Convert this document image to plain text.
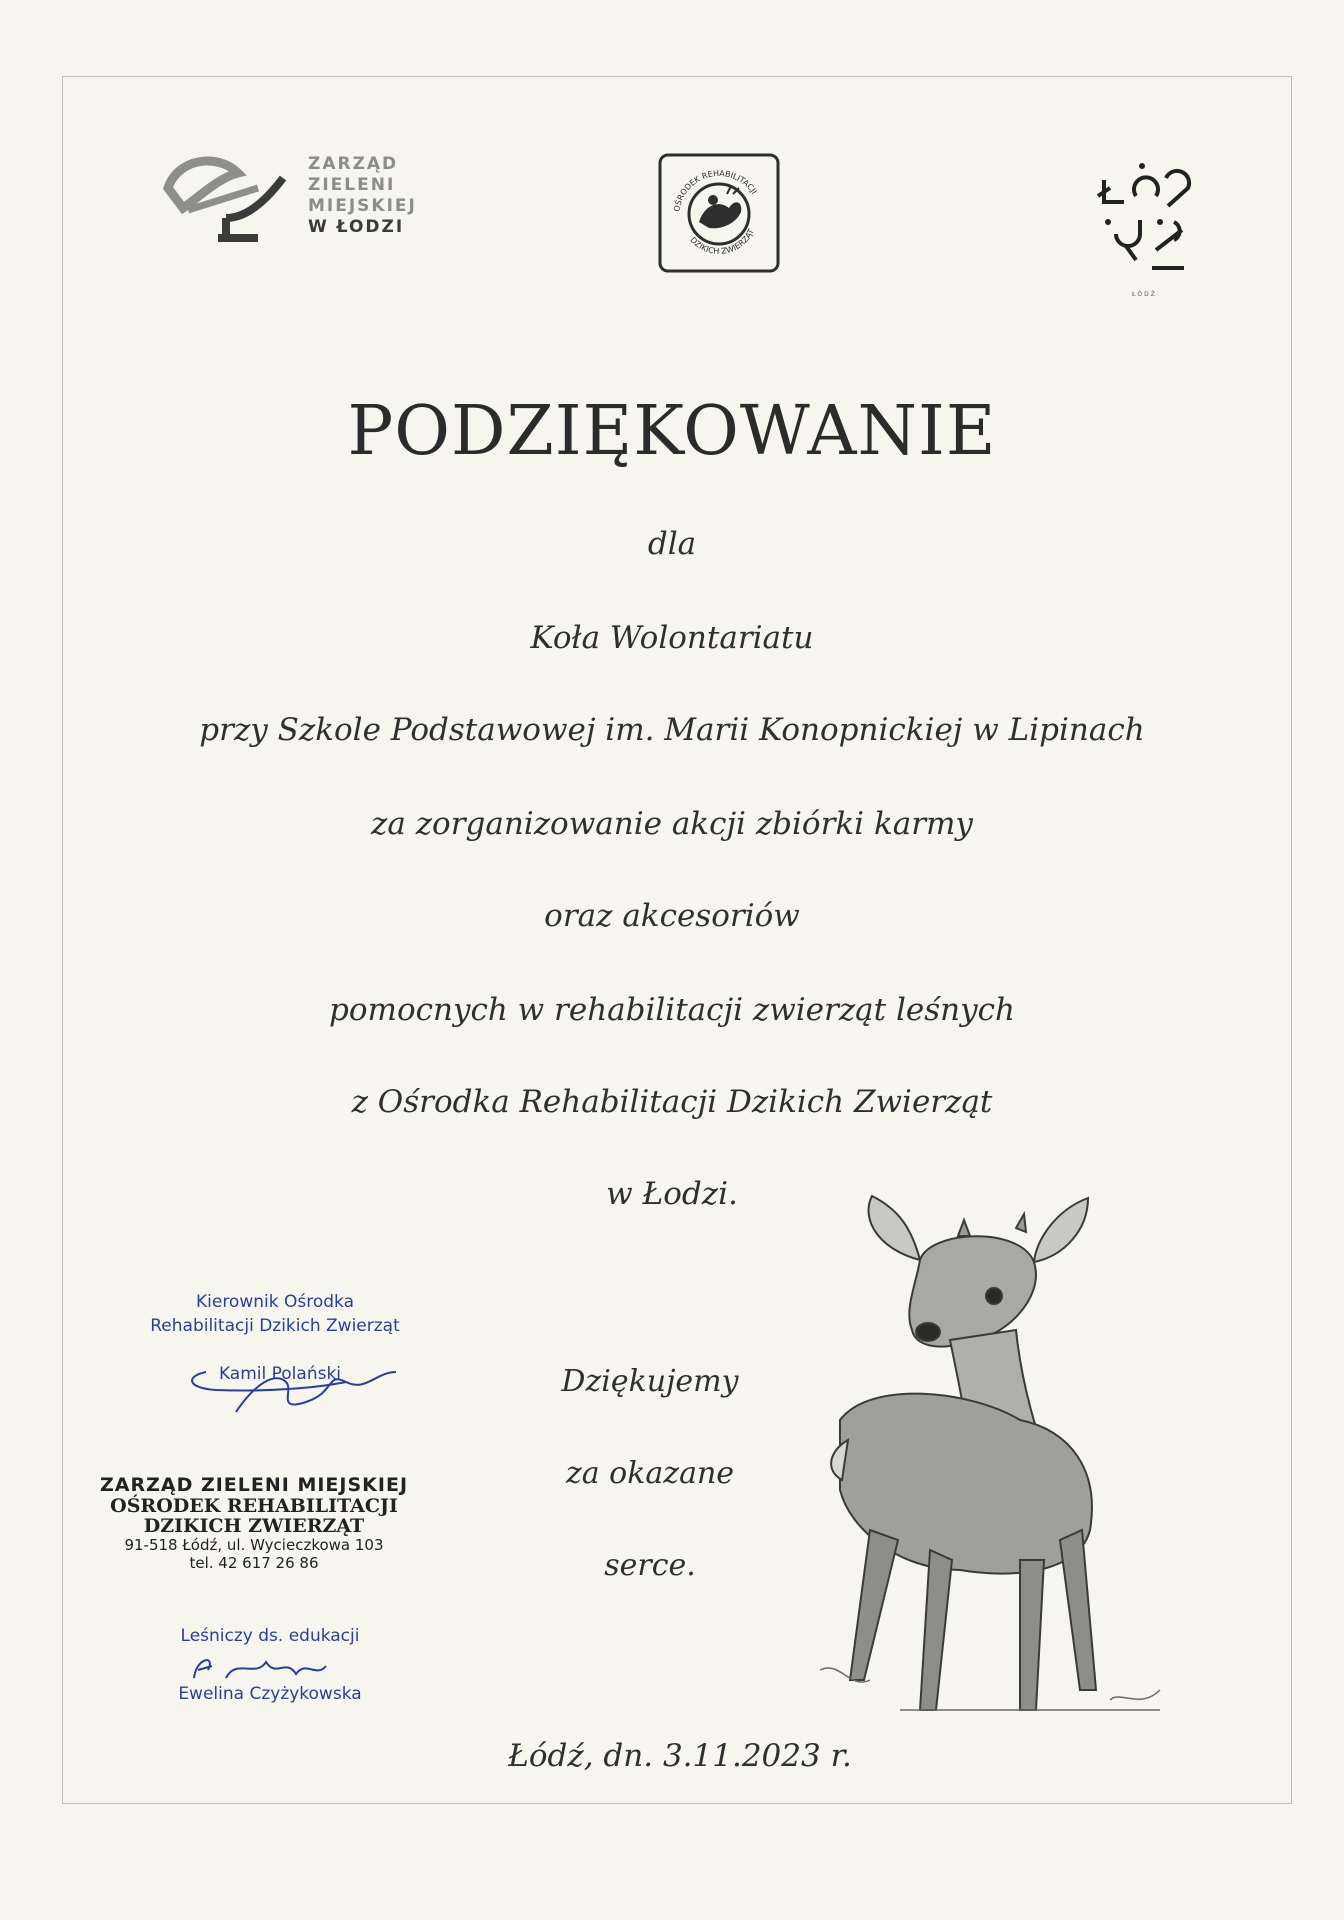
ZARZĄD
ZIELENI
MIEJSKIEJ
W ŁODZI
OŚRODEK REHABILITACJI
DZIKICH ZWIERZĄT
ŁÓDŹ
PODZIĘKOWANIE
dla
Koła Wolontariatu
przy Szkole Podstawowej im. Marii Konopnickiej w Lipinach
za zorganizowanie akcji zbiórki karmy
oraz akcesoriów
pomocnych w rehabilitacji zwierząt leśnych
z Ośrodka Rehabilitacji Dzikich Zwierząt
w Łodzi.
Dziękujemy
za okazane
serce.
Kierownik Ośrodka
Rehabilitacji Dzikich Zwierząt
Kamil Polański
ZARZĄD ZIELENI MIEJSKIEJ
OŚRODEK REHABILITACJI
DZIKICH ZWIERZĄT
91-518 Łódź, ul. Wycieczkowa 103
tel. 42 617 26 86
Leśniczy ds. edukacji
Ewelina Czyżykowska
Łódź, dn. 3.11.2023 r.
